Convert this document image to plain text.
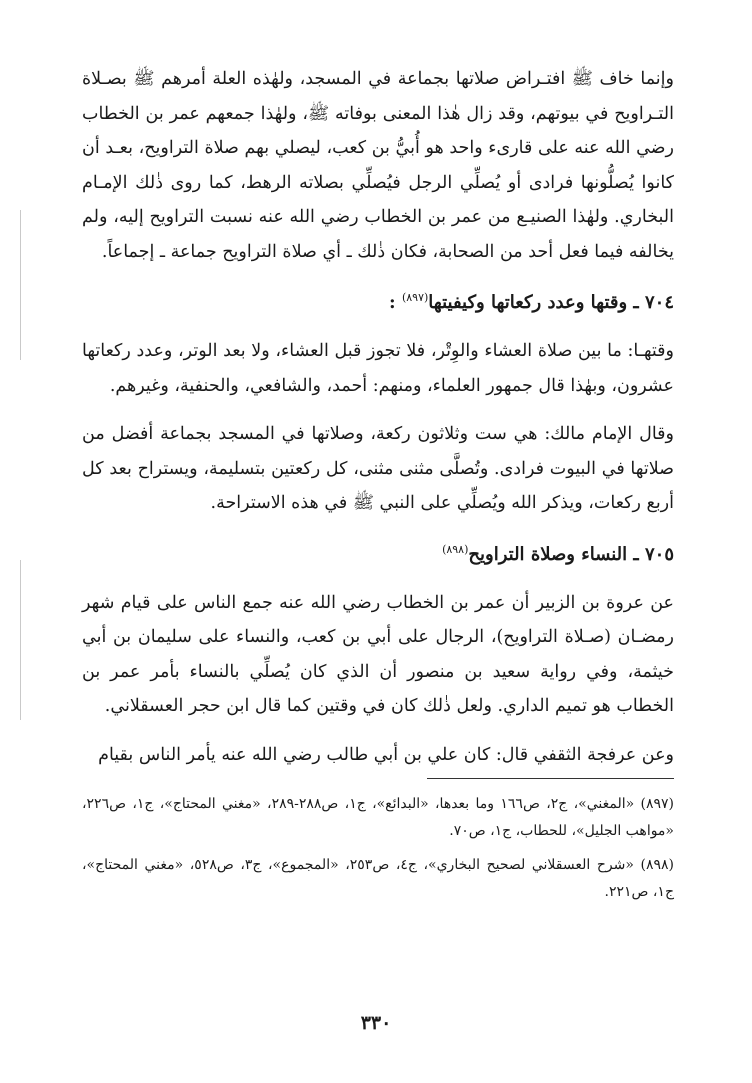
وإنما خاف ﷺ افتـراض صلاتها بجماعة في المسجد، ولهٰذه العلة أمرهم ﷺ بصـلاة التـراويح في بيوتهم، وقد زال هٰذا المعنى بوفاته ﷺ، ولهٰذا جمعهم عمر بن الخطاب رضي الله عنه على قارىء واحد هو أُبيُّ بن كعب، ليصلي بهم صلاة التراويح، بعـد أن كانوا يُصلُّونها فرادى أو يُصلِّي الرجل فيُصلِّي بصلاته الرهط، كما روى ذٰلك الإمـام البخاري. ولهٰذا الصنيـع من عمر بن الخطاب رضي الله عنه نسبت التراويح إليه، ولم يخالفه فيما فعل أحد من الصحابة، فكان ذٰلك ـ أي صلاة التراويح جماعة ـ إجماعاً.

٧٠٤ ـ وقتها وعدد ركعاتها وكيفيتها$^{(٨٩٧)}$ :

وقتهـا: ما بين صلاة العشاء والوِتْر، فلا تجوز قبل العشاء، ولا بعد الوتر، وعدد ركعاتها عشرون، وبهٰذا قال جمهور العلماء، ومنهم: أحمد، والشافعي، والحنفية، وغيرهم.

وقال الإمام مالك: هي ست وثلاثون ركعة، وصلاتها في المسجد بجماعة أفضل من صلاتها في البيوت فرادى. وتُصلَّى مثنى مثنى، كل ركعتين بتسليمة، ويستراح بعد كل أربع ركعات، ويذكر الله ويُصلِّي على النبي ﷺ في هذه الاستراحة.

٧٠٥ ـ النساء وصلاة التراويح$^{(٨٩٨)}$

عن عروة بن الزبير أن عمر بن الخطاب رضي الله عنه جمع الناس على قيام شهر رمضـان (صـلاة التراويح)، الرجال على أبي بن كعب، والنساء على سليمان بن أبي خيثمة، وفي رواية سعيد بن منصور أن الذي كان يُصلِّي بالنساء بأمر عمر بن الخطاب هو تميم الداري. ولعل ذٰلك كان في وقتين كما قال ابن حجر العسقلاني.

وعن عرفجة الثقفي قال: كان علي بن أبي طالب رضي الله عنه يأمر الناس بقيام

(٨٩٧) «المغني»، ج٢، ص١٦٦ وما بعدها، «البدائع»، ج١، ص٢٨٨-٢٨٩، «مغني المحتاج»، ج١، ص٢٢٦، «مواهب الجليل»، للحطاب، ج١، ص٧٠.

(٨٩٨) «شرح العسقلاني لصحيح البخاري»، ج٤، ص٢٥٣، «المجموع»، ج٣، ص٥٢٨، «مغني المحتاج»، ج١، ص٢٢١.

٣٣٠
